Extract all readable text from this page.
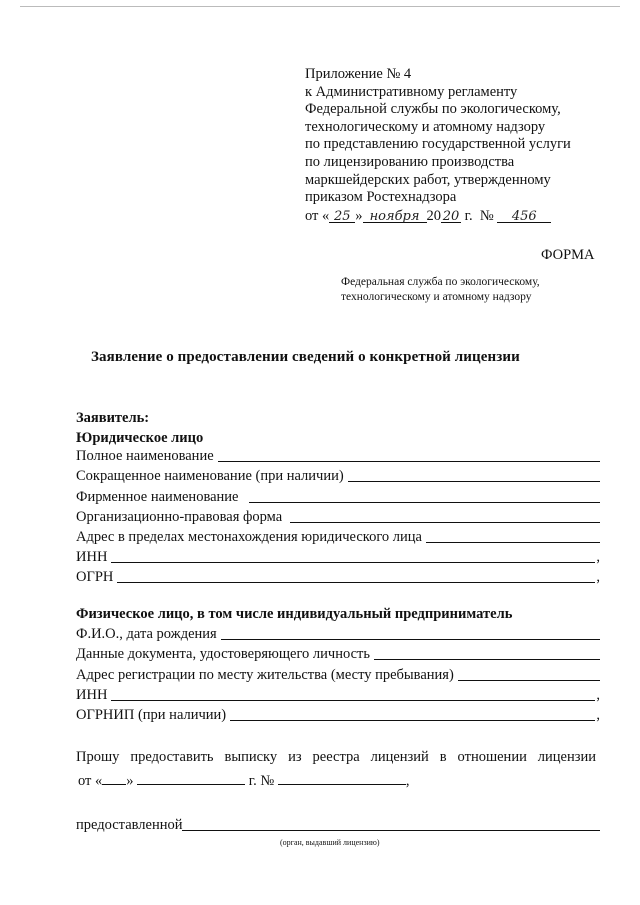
Приложение № 4
к Административному регламенту
Федеральной службы по экологическому,
технологическому и атомному надзору
по представлению государственной услуги
по лицензированию производства
маркшейдерских работ, утвержденному
приказом Ростехнадзора
от « 25 » ноября 20 20 г. № 456
ФОРМА
Федеральная служба по экологическому,
технологическому и атомному надзору
Заявление о предоставлении сведений о конкретной лицензии
Заявитель:
Юридическое лицо
Полное наименование
Сокращенное наименование (при наличии)
Фирменное наименование
Организационно-правовая форма
Адрес в пределах местонахождения юридического лица
ИНН	,
ОГРН	,
Физическое лицо, в том числе индивидуальный предприниматель
Ф.И.О., дата рождения
Данные документа, удостоверяющего личность
Адрес регистрации по месту жительства (месту пребывания)
ИНН	,
ОГРНИП (при наличии)	,
Прошу предоставить выписку из реестра лицензий в отношении лицензии
от « »	г. №	,
предоставленной
(орган, выдавший лицензию)
